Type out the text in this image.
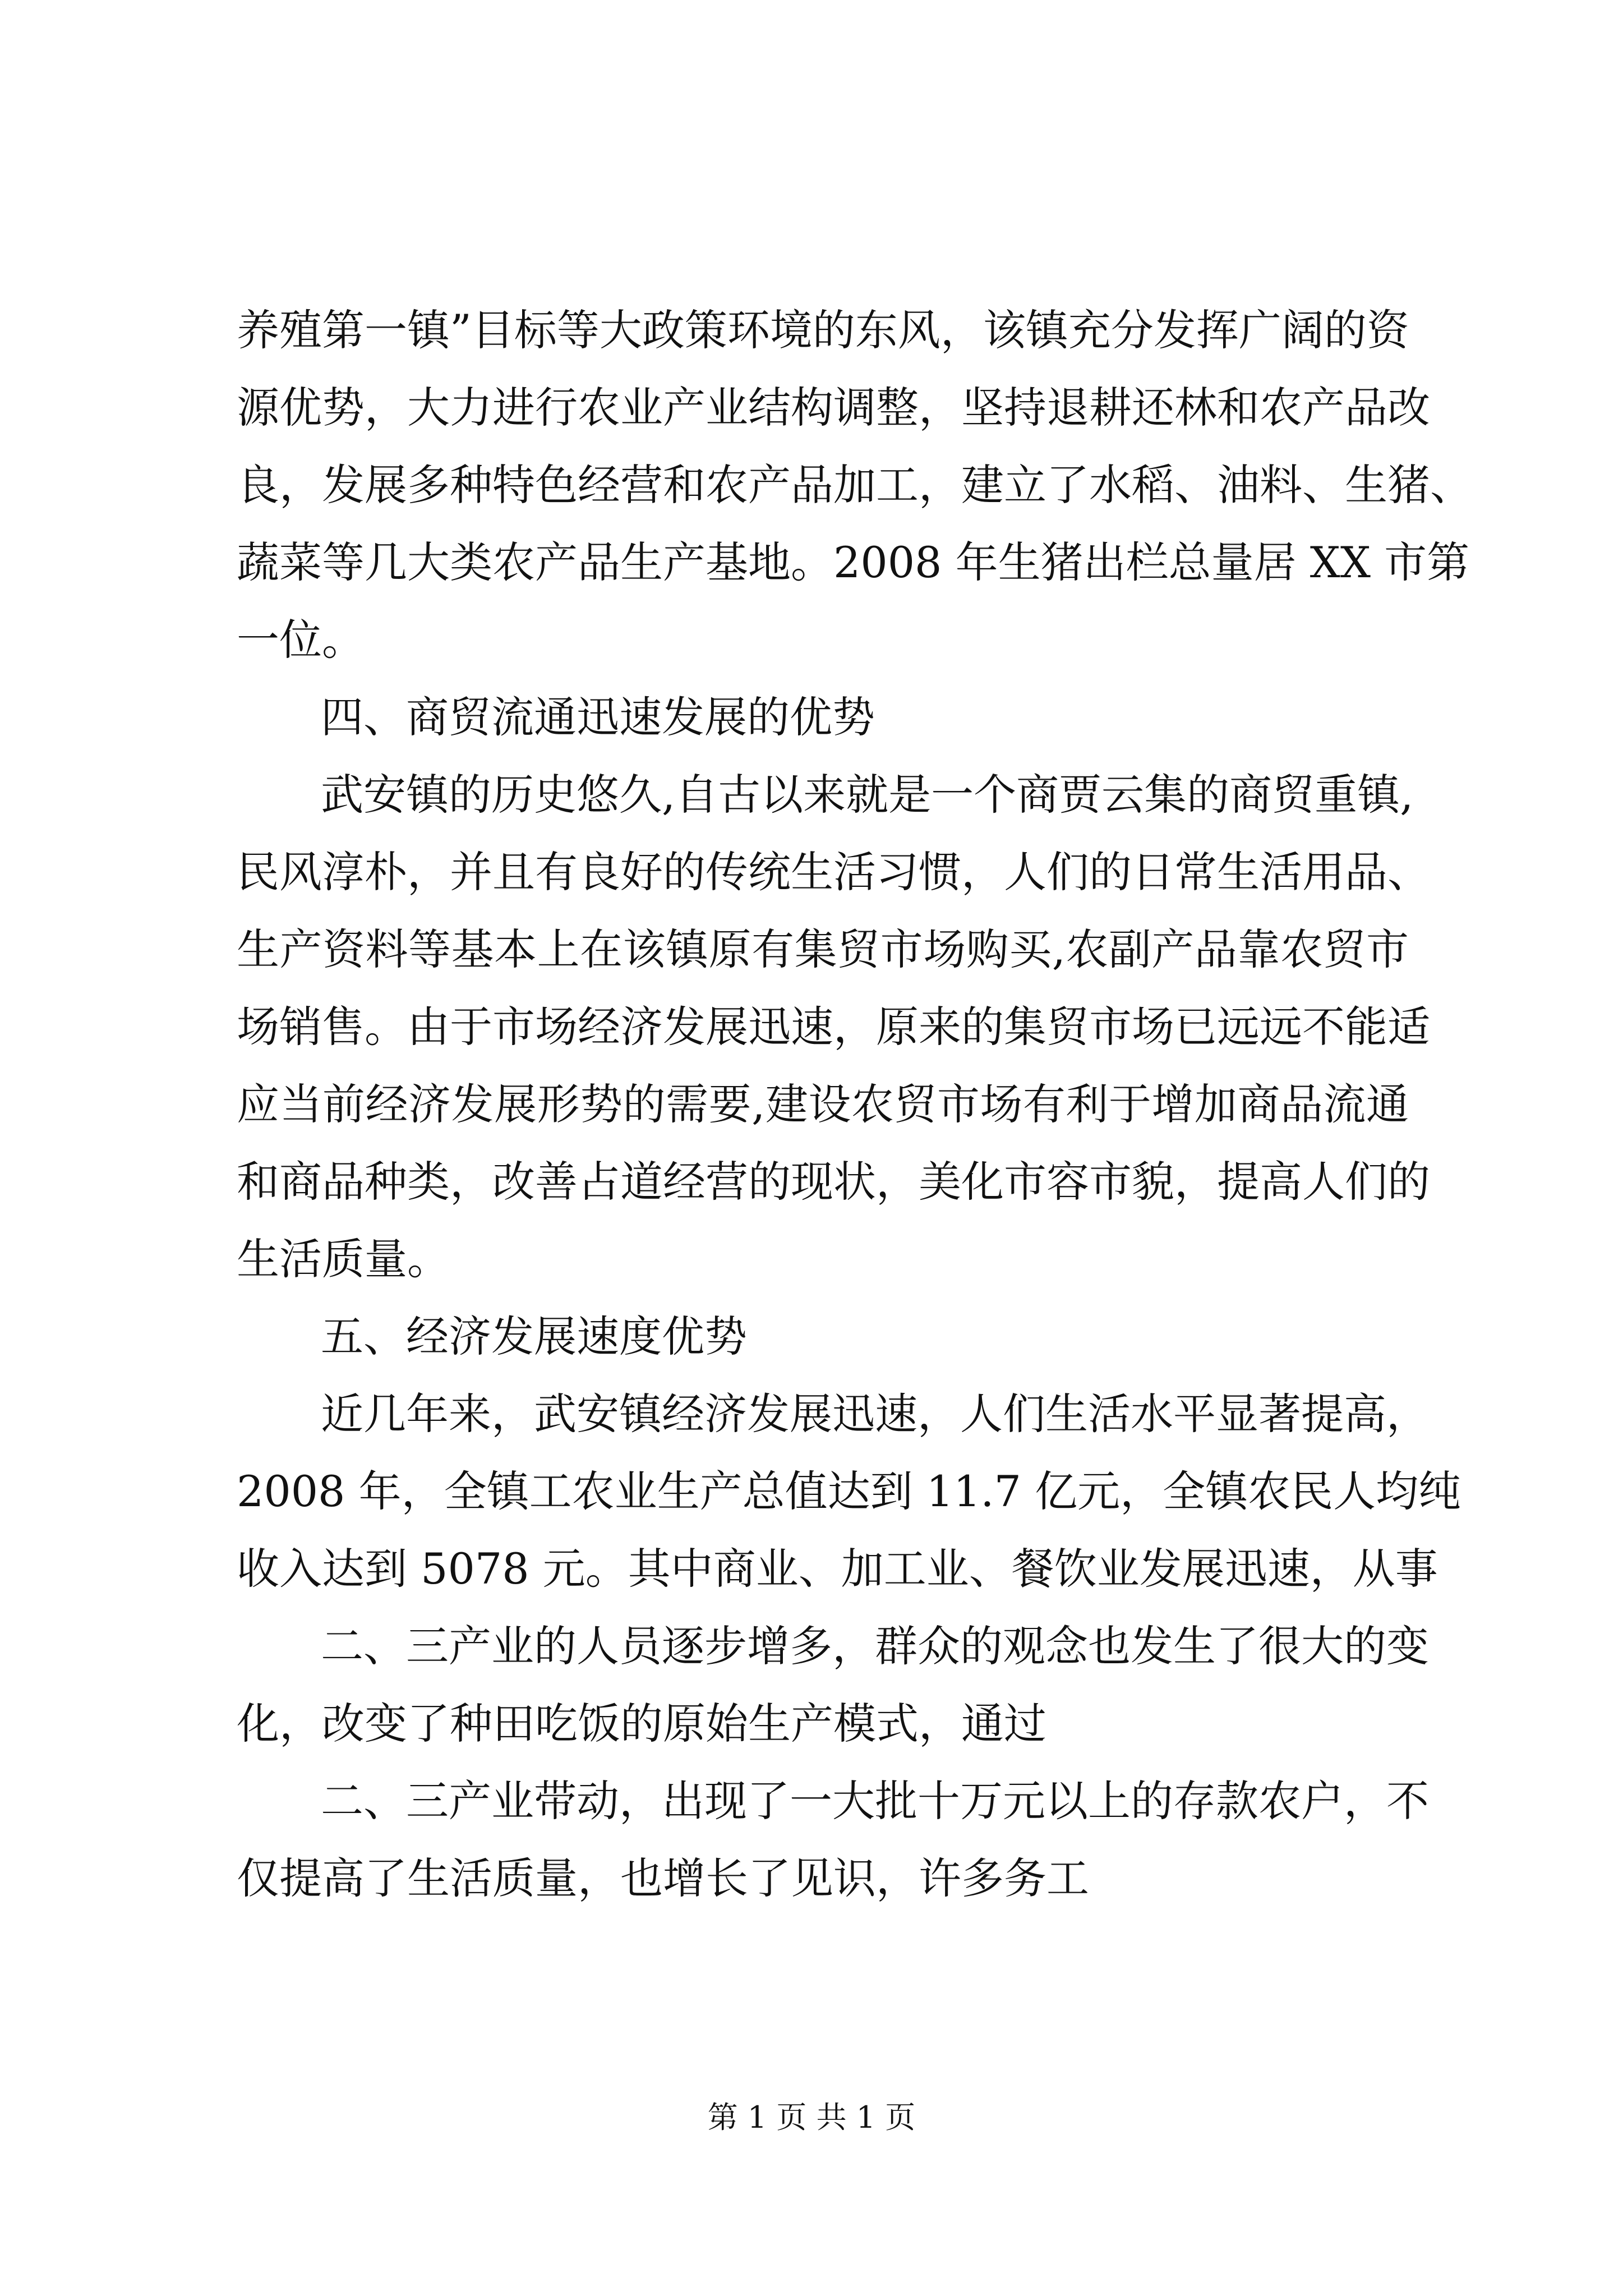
养殖第一镇”目标等大政策环境的东风，该镇充分发挥广阔的资
源优势，大力进行农业产业结构调整，坚持退耕还林和农产品改
良，发展多种特色经营和农产品加工，建立了水稻、油料、生猪、
蔬菜等几大类农产品生产基地。2008 年生猪出栏总量居 XX 市第
一位。
四、商贸流通迅速发展的优势
武安镇的历史悠久,自古以来就是一个商贾云集的商贸重镇,
民风淳朴，并且有良好的传统生活习惯，人们的日常生活用品、
生产资料等基本上在该镇原有集贸市场购买,农副产品靠农贸市
场销售。由于市场经济发展迅速，原来的集贸市场已远远不能适
应当前经济发展形势的需要,建设农贸市场有利于增加商品流通
和商品种类，改善占道经营的现状，美化市容市貌，提高人们的
生活质量。
五、经济发展速度优势
近几年来，武安镇经济发展迅速，人们生活水平显著提高，
2008 年，全镇工农业生产总值达到 11.7 亿元，全镇农民人均纯
收入达到 5078 元。其中商业、加工业、餐饮业发展迅速，从事
二、三产业的人员逐步增多，群众的观念也发生了很大的变
化，改变了种田吃饭的原始生产模式，通过
二、三产业带动，出现了一大批十万元以上的存款农户，不
仅提高了生活质量，也增长了见识，许多务工
第 1 页 共 1 页
